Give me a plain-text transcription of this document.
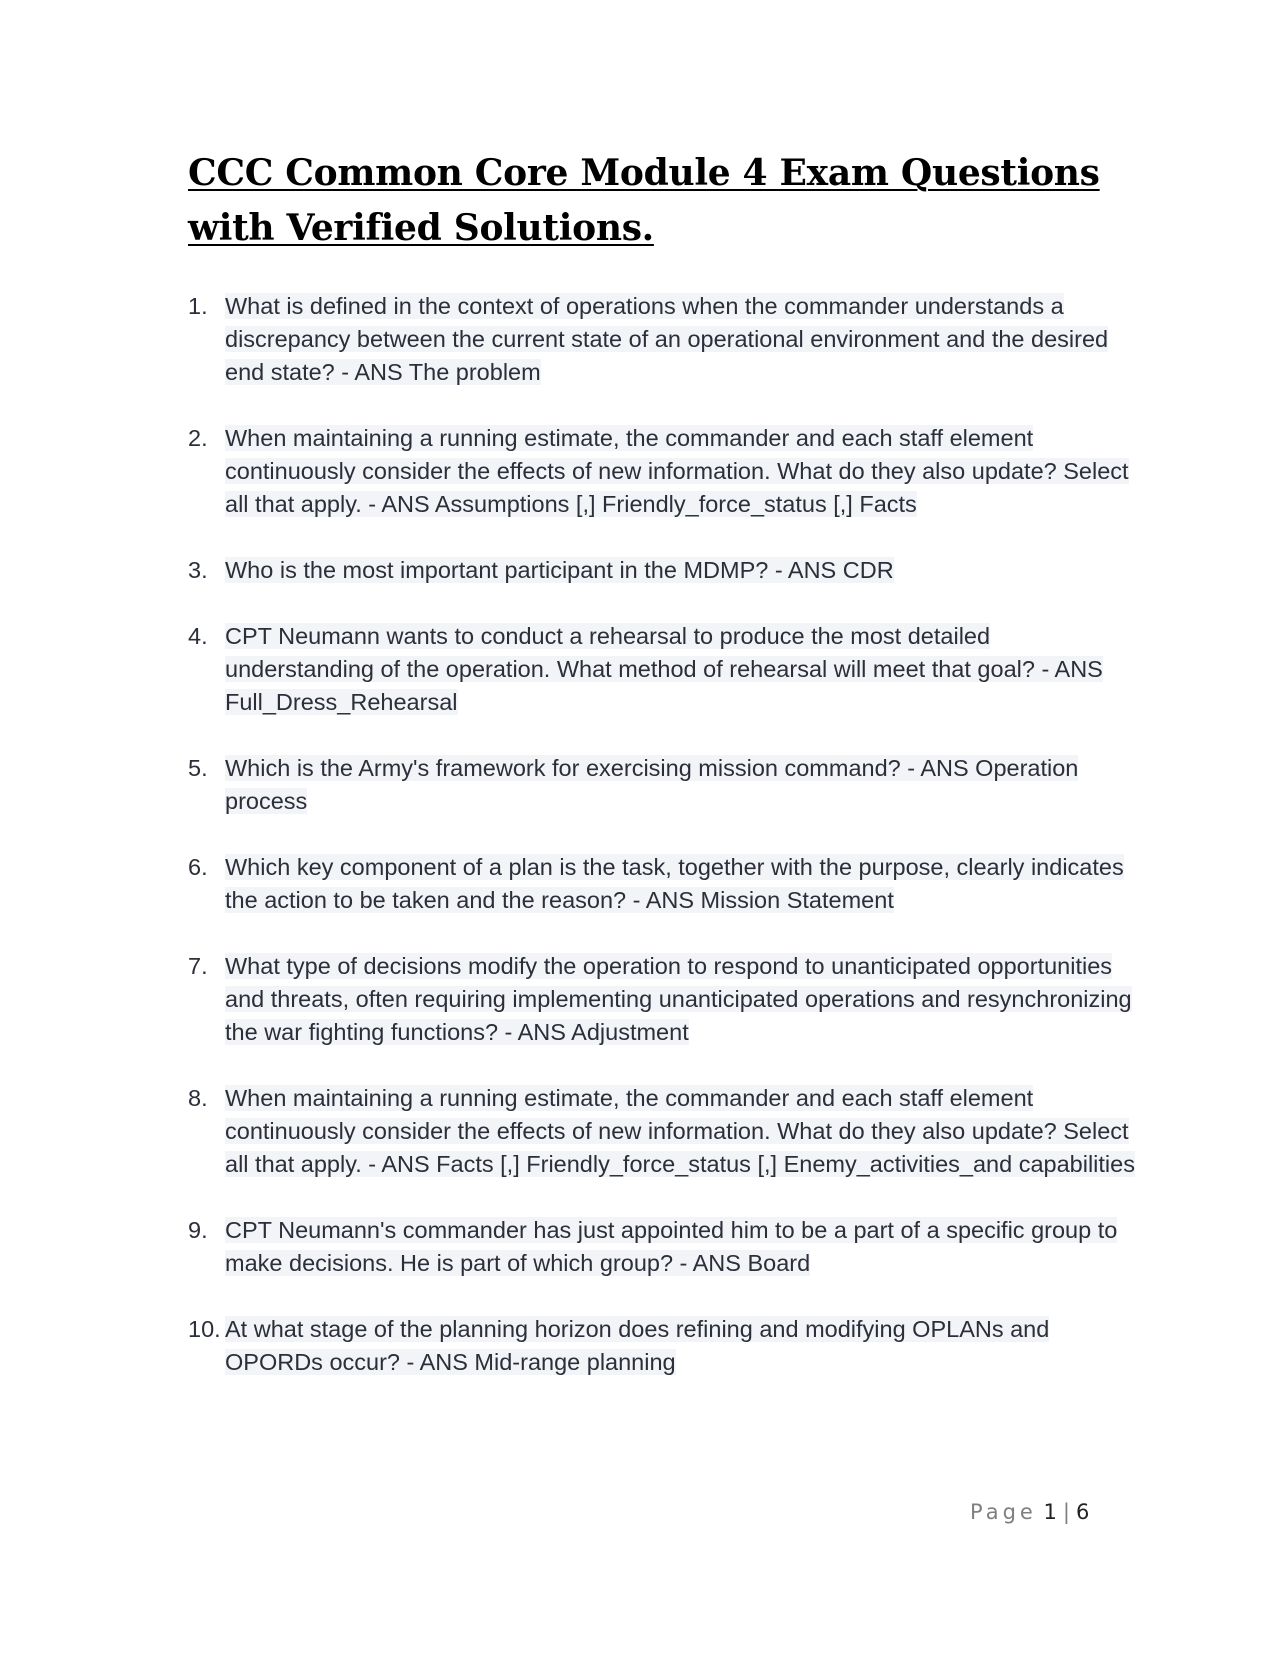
CCC Common Core Module 4 Exam Questions with Verified Solutions.
1. What is defined in the context of operations when the commander understands a discrepancy between the current state of an operational environment and the desired end state? - ANS The problem
2. When maintaining a running estimate, the commander and each staff element continuously consider the effects of new information. What do they also update? Select all that apply. - ANS Assumptions [,] Friendly_force_status [,] Facts
3. Who is the most important participant in the MDMP? - ANS CDR
4. CPT Neumann wants to conduct a rehearsal to produce the most detailed understanding of the operation. What method of rehearsal will meet that goal? - ANS Full_Dress_Rehearsal
5. Which is the Army's framework for exercising mission command? - ANS Operation process
6. Which key component of a plan is the task, together with the purpose, clearly indicates the action to be taken and the reason? - ANS Mission Statement
7. What type of decisions modify the operation to respond to unanticipated opportunities and threats, often requiring implementing unanticipated operations and resynchronizing the war fighting functions? - ANS Adjustment
8. When maintaining a running estimate, the commander and each staff element continuously consider the effects of new information. What do they also update? Select all that apply. - ANS Facts [,] Friendly_force_status [,] Enemy_activities_and capabilities
9. CPT Neumann's commander has just appointed him to be a part of a specific group to make decisions. He is part of which group? - ANS Board
10. At what stage of the planning horizon does refining and modifying OPLANs and OPORDs occur? - ANS Mid-range planning
Page 1 | 6
